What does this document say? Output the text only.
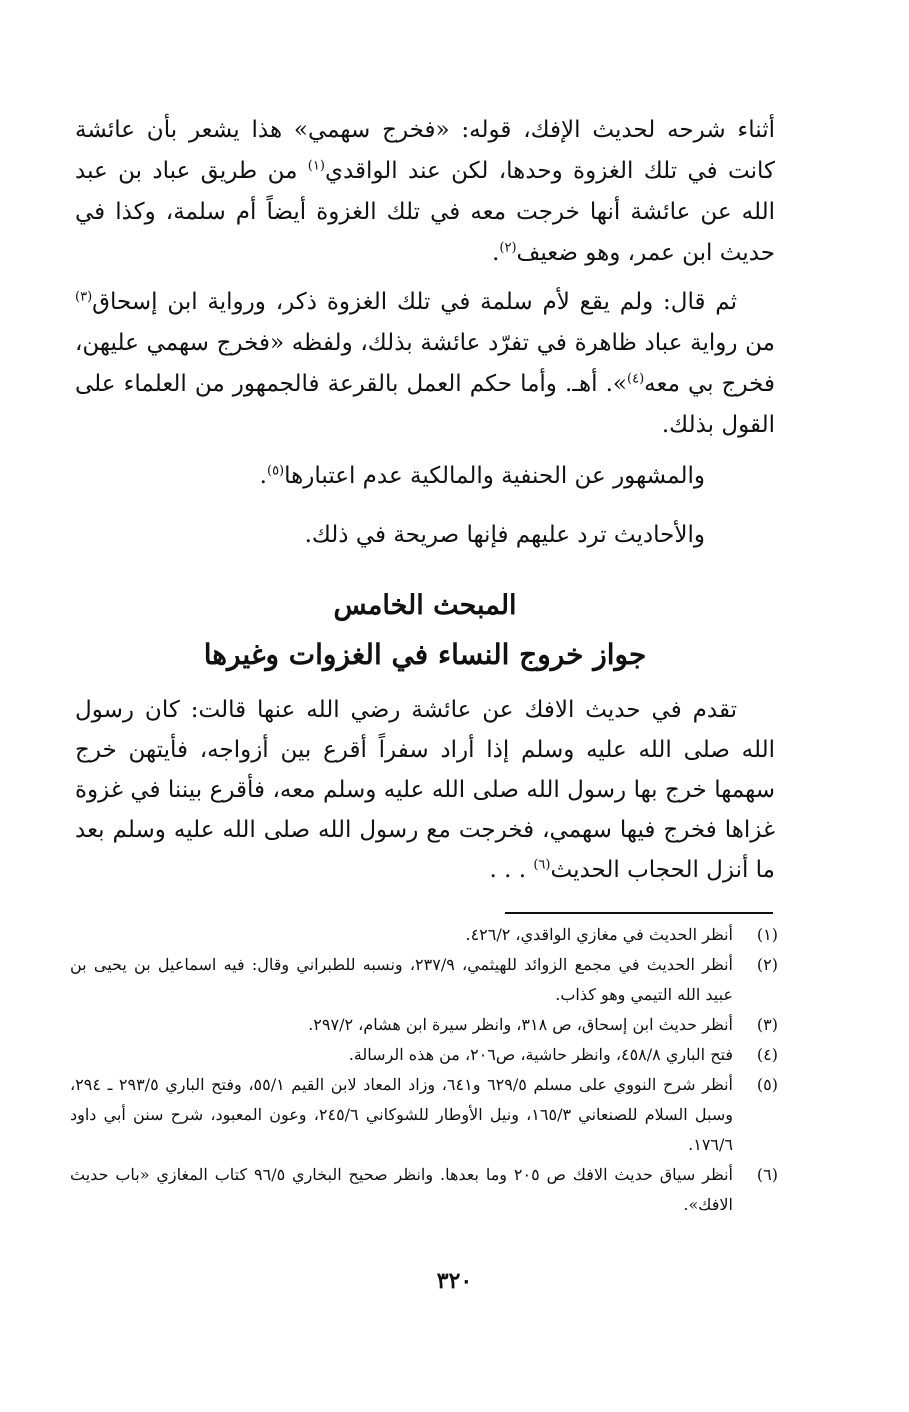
أثناء شرحه لحديث الإفك، قوله: «فخرج سهمي» هذا يشعر بأن عائشة كانت في تلك الغزوة وحدها، لكن عند الواقدي$^{(١)}$ من طريق عباد بن عبد الله عن عائشة أنها خرجت معه في تلك الغزوة أيضاً أم سلمة، وكذا في حديث ابن عمر، وهو ضعيف$^{(٢)}$.

ثم قال: ولم يقع لأم سلمة في تلك الغزوة ذكر، ورواية ابن إسحاق$^{(٣)}$ من رواية عباد ظاهرة في تفرّد عائشة بذلك، ولفظه «فخرج سهمي عليهن، فخرج بي معه$^{(٤)}$». أهـ. وأما حكم العمل بالقرعة فالجمهور من العلماء على القول بذلك.

والمشهور عن الحنفية والمالكية عدم اعتبارها$^{(٥)}$.

والأحاديث ترد عليهم فإنها صريحة في ذلك.

المبحث الخامس
جواز خروج النساء في الغزوات وغيرها

تقدم في حديث الافك عن عائشة رضي الله عنها قالت: كان رسول الله صلى الله عليه وسلم إذا أراد سفراً أقرع بين أزواجه، فأيتهن خرج سهمها خرج بها رسول الله صلى الله عليه وسلم معه، فأقرع بيننا في غزوة غزاها فخرج فيها سهمي، فخرجت مع رسول الله صلى الله عليه وسلم بعد ما أنزل الحجاب الحديث$^{(٦)}$ . . .

(١)
أنظر الحديث في مغازي الواقدي، ٤٢٦/٢.
(٢)
أنظر الحديث في مجمع الزوائد للهيثمي، ٢٣٧/٩، ونسبه للطبراني وقال: فيه اسماعيل بن يحيى بن عبيد الله التيمي وهو كذاب.
(٣)
أنظر حديث ابن إسحاق، ص ٣١٨، وانظر سيرة ابن هشام، ٢٩٧/٢.
(٤)
فتح الباري ٤٥٨/٨، وانظر حاشية، ص٢٠٦، من هذه الرسالة.
(٥)
أنظر شرح النووي على مسلم ٦٢٩/٥ و٦٤١، وزاد المعاد لابن القيم ٥٥/١، وفتح الباري ٢٩٣/٥ ـ ٢٩٤، وسبل السلام للصنعاني ١٦٥/٣، ونيل الأوطار للشوكاني ٢٤٥/٦، وعون المعبود، شرح سنن أبي داود ١٧٦/٦.
(٦)
أنظر سياق حديث الافك ص ٢٠٥ وما بعدها. وانظر صحيح البخاري ٩٦/٥ كتاب المغازي «باب حديث الافك».
٣٢٠
